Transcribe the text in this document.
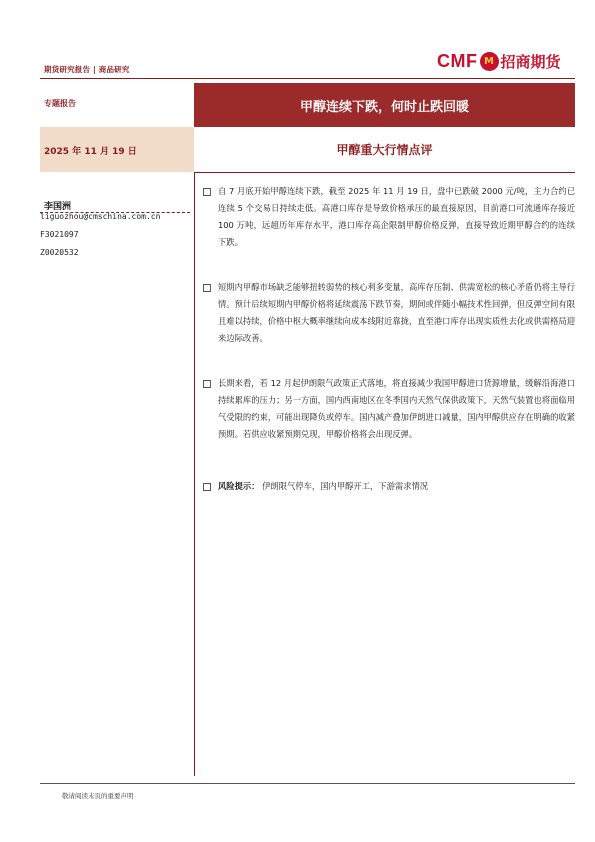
期货研究报告 | 商品研究	CMF M 招商期货
专题报告	甲醇连续下跌，何时止跌回暖
2025 年 11 月 19 日	甲醇重大行情点评
李国洲
liguozhou@cmschina.com.cn
F3021097
Z0020532
自 7 月底开始甲醇连续下跌，截至 2025 年 11 月 19 日，盘中已跌破 2000 元/吨，主力合约已连续 5 个交易日持续走低。高港口库存是导致价格承压的最直接原因，目前港口可流通库存接近 100 万吨，远超历年库存水平，港口库存高企限制甲醇价格反弹，直接导致近期甲醇合约的连续下跌。
短期内甲醇市场缺乏能够扭转弱势的核心利多变量，高库存压制、供需宽松的核心矛盾仍将主导行情。预计后续短期内甲醇价格将延续震荡下跌节奏，期间或伴随小幅技术性回弹，但反弹空间有限且难以持续，价格中枢大概率继续向成本线附近靠拢，直至港口库存出现实质性去化或供需格局迎来边际改善。
长期来看，若 12 月起伊朗限气政策正式落地，将直接减少我国甲醇进口货源增量，缓解沿海港口持续累库的压力；另一方面，国内西南地区在冬季国内天然气保供政策下，天然气装置也将面临用气受限的约束，可能出现降负或停车。国内减产叠加伊朗进口减量，国内甲醇供应存在明确的收紧预期。若供应收紧预期兑现，甲醇价格将会出现反弹。
风险提示： 伊朗限气停车，国内甲醇开工，下游需求情况
敬请阅读末页的重要声明
